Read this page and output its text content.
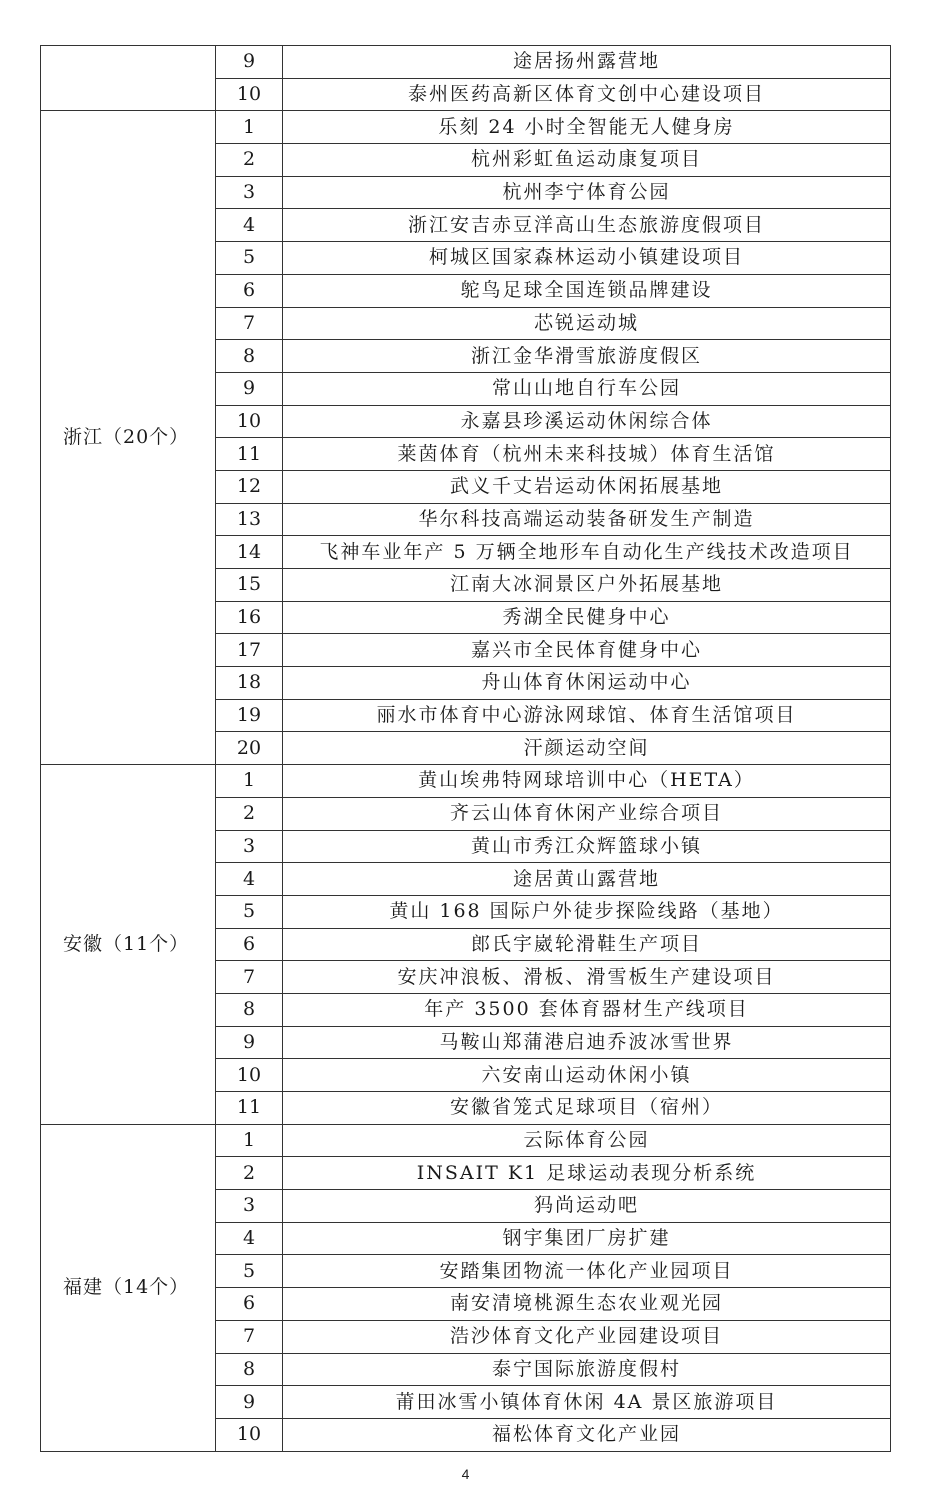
	9	途居扬州露营地
	10	泰州医药高新区体育文创中心建设项目
浙江（20个）	1	乐刻 24 小时全智能无人健身房
	2	杭州彩虹鱼运动康复项目
	3	杭州李宁体育公园
	4	浙江安吉赤豆洋高山生态旅游度假项目
	5	柯城区国家森林运动小镇建设项目
	6	鸵鸟足球全国连锁品牌建设
	7	芯锐运动城
	8	浙江金华滑雪旅游度假区
	9	常山山地自行车公园
	10	永嘉县珍溪运动休闲综合体
	11	莱茵体育（杭州未来科技城）体育生活馆
	12	武义千丈岩运动休闲拓展基地
	13	华尔科技高端运动装备研发生产制造
	14	飞神车业年产 5 万辆全地形车自动化生产线技术改造项目
	15	江南大冰洞景区户外拓展基地
	16	秀湖全民健身中心
	17	嘉兴市全民体育健身中心
	18	舟山体育休闲运动中心
	19	丽水市体育中心游泳网球馆、体育生活馆项目
	20	汗颜运动空间
安徽（11个）	1	黄山埃弗特网球培训中心（HETA）
	2	齐云山体育休闲产业综合项目
	3	黄山市秀江众辉篮球小镇
	4	途居黄山露营地
	5	黄山 168 国际户外徒步探险线路（基地）
	6	郎氏宇崴轮滑鞋生产项目
	7	安庆冲浪板、滑板、滑雪板生产建设项目
	8	年产 3500 套体育器材生产线项目
	9	马鞍山郑蒲港启迪乔波冰雪世界
	10	六安南山运动休闲小镇
	11	安徽省笼式足球项目（宿州）
福建（14个）	1	云际体育公园
	2	INSAIT K1 足球运动表现分析系统
	3	犸尚运动吧
	4	钢宇集团厂房扩建
	5	安踏集团物流一体化产业园项目
	6	南安清境桃源生态农业观光园
	7	浩沙体育文化产业园建设项目
	8	泰宁国际旅游度假村
	9	莆田冰雪小镇体育休闲 4A 景区旅游项目
	10	福松体育文化产业园
4
